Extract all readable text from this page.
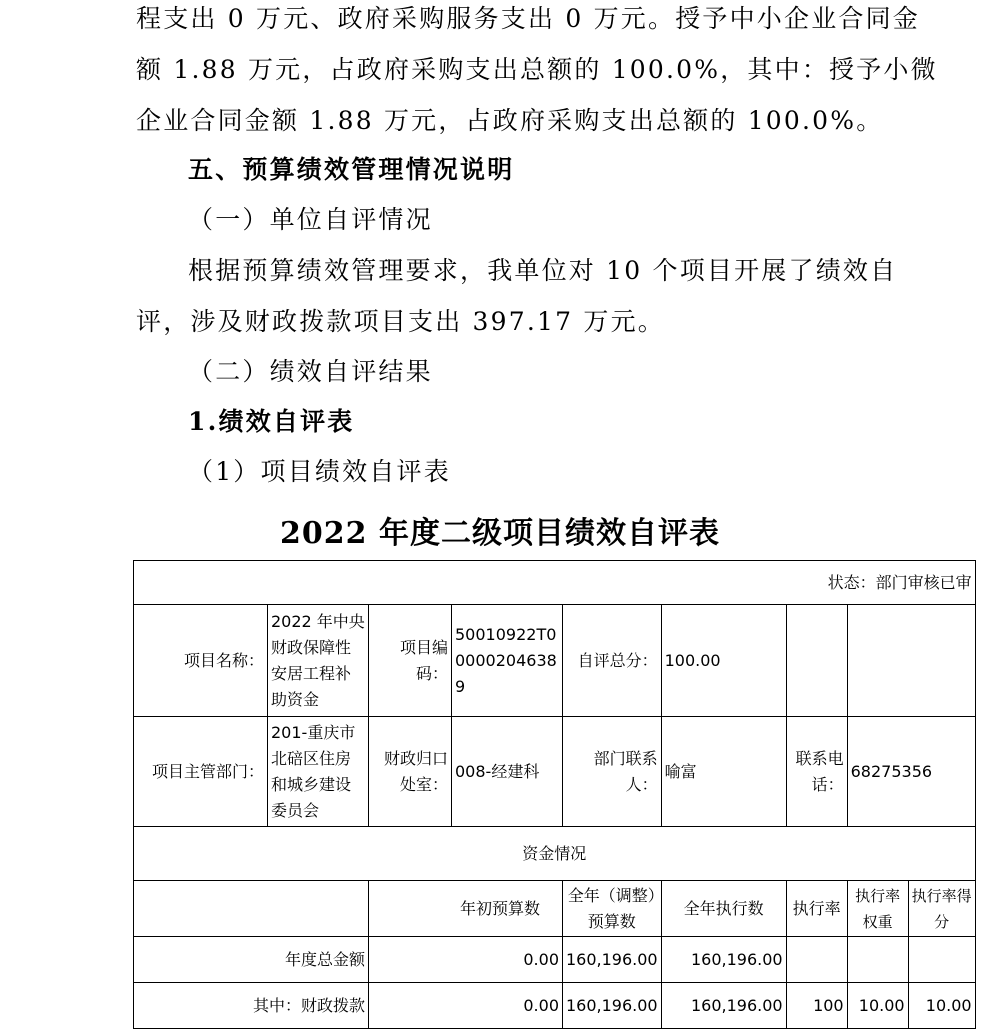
程支出 0 万元、政府采购服务支出 0 万元。授予中小企业合同金
额 1.88 万元，占政府采购支出总额的 100.0%，其中：授予小微
企业合同金额 1.88 万元，占政府采购支出总额的 100.0%。
五、预算绩效管理情况说明
（一）单位自评情况
根据预算绩效管理要求，我单位对 10 个项目开展了绩效自
评，涉及财政拨款项目支出 397.17 万元。
（二）绩效自评结果
1.绩效自评表
（1）项目绩效自评表
2022 年度二级项目绩效自评表
状态：部门审核已审								
项目名称：	2022 年中央财政保障性安居工程补助资金	项目编码：	50010922T000002046389	自评总分：	100.00			
项目主管部门：	201-重庆市北碚区住房和城乡建设委员会	财政归口处室：	008-经建科	部门联系人：	喻富	联系电话：	68275356	
资金情况								
		年初预算数		全年（调整）预算数	全年执行数	执行率	执行率权重	执行率得分
年度总金额		0.00		160,196.00	160,196.00			
其中：财政拨款		0.00		160,196.00	160,196.00	100	10.00	10.00
